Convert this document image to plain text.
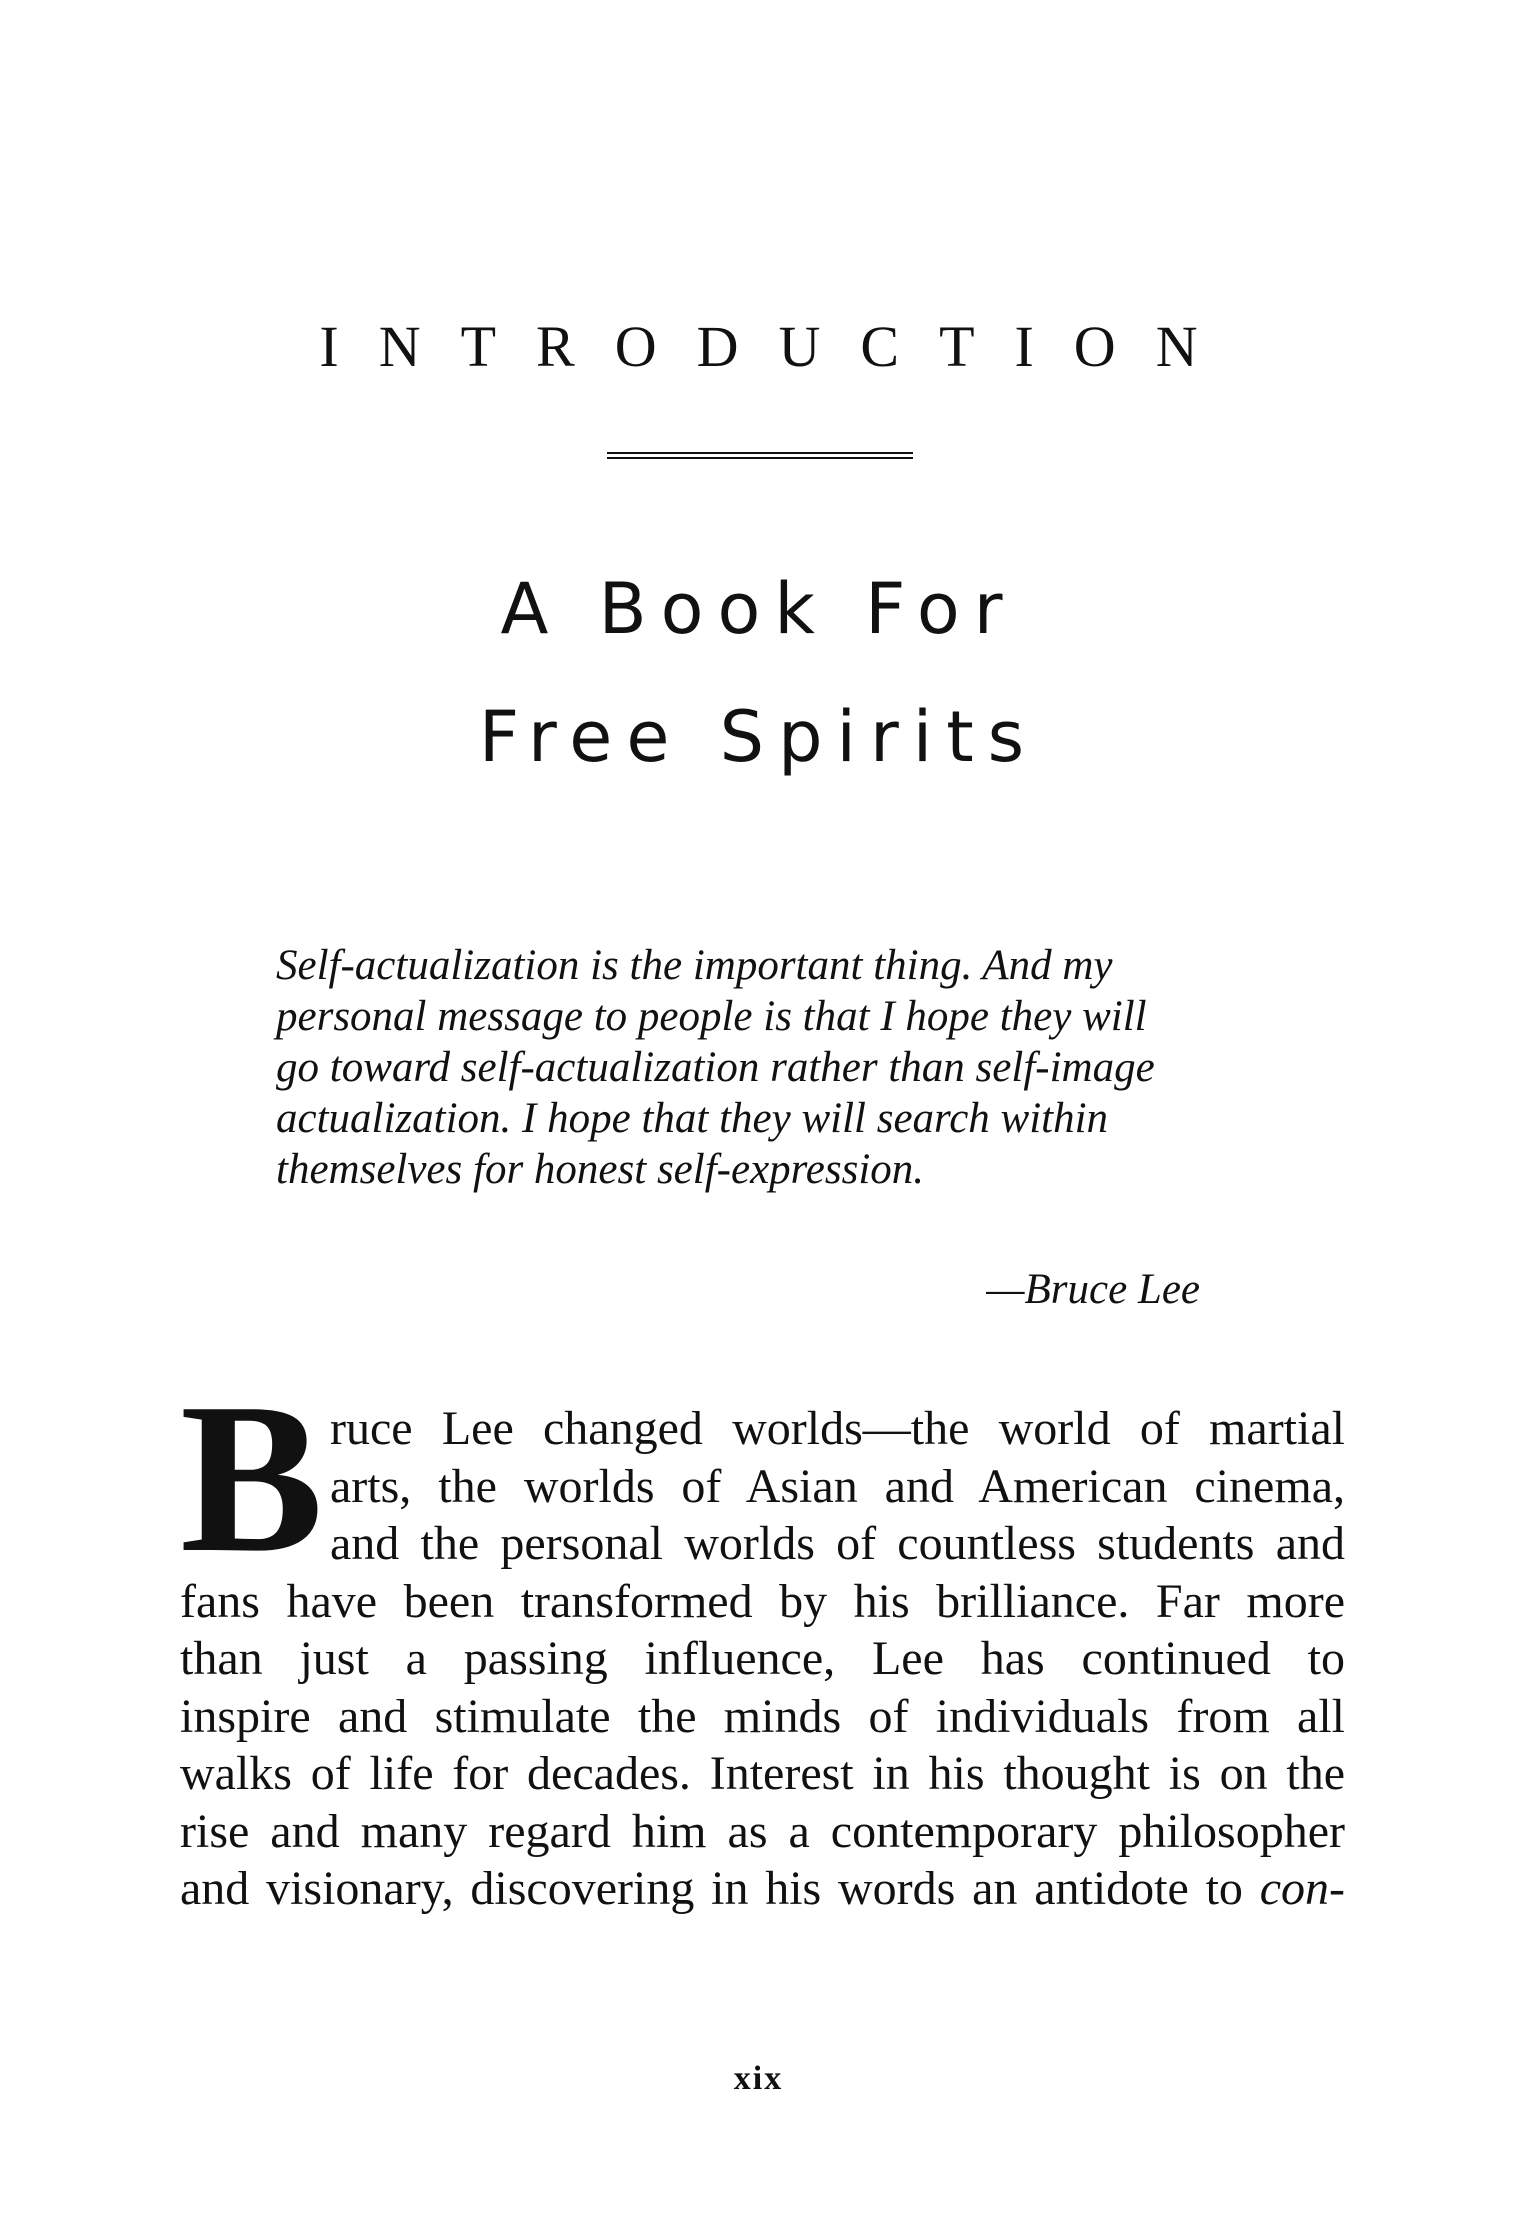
INTRODUCTION
A Book For
Free Spirits
Self-actualization is the important thing. And my
personal message to people is that I hope they will
go toward self-actualization rather than self-image
actualization. I hope that they will search within
themselves for honest self-expression.
—Bruce Lee
B ruce Lee changed worlds—the world of martial
arts, the worlds of Asian and American cinema,
and the personal worlds of countless students and
fans have been transformed by his brilliance. Far more
than just a passing influence, Lee has continued to
inspire and stimulate the minds of individuals from all
walks of life for decades. Interest in his thought is on the
rise and many regard him as a contemporary philosopher
and visionary, discovering in his words an antidote to con-
xix
